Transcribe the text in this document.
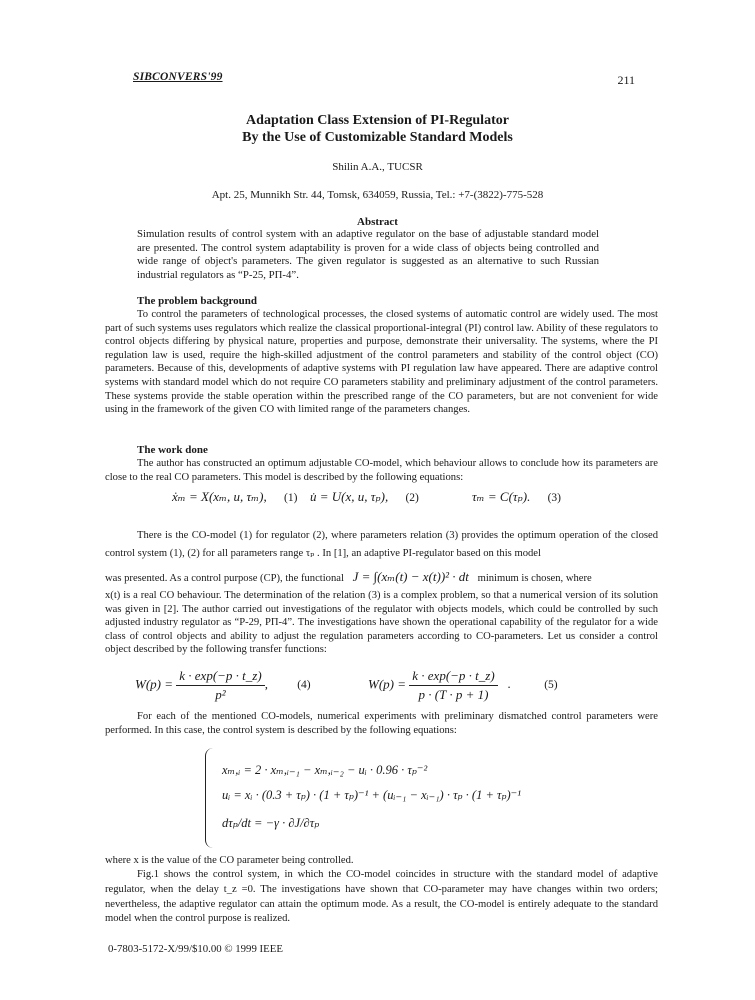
SIBCONVERS'99	211
Adaptation Class Extension of PI-Regulator
By the Use of Customizable Standard Models
Shilin A.A., TUCSR
Apt. 25, Munnikh Str. 44, Tomsk, 634059, Russia, Tel.: +7-(3822)-775-528
Abstract
Simulation results of control system with an adaptive regulator on the base of adjustable standard model are presented. The control system adaptability is proven for a wide class of objects being controlled and wide range of object's parameters. The given regulator is suggested as an alternative to such Russian industrial regulators as “P-25, PП-4”.
The problem background
To control the parameters of technological processes, the closed systems of automatic control are widely used. The most part of such systems uses regulators which realize the classical proportional-integral (PI) control law. Ability of these regulators to control objects differing by physical nature, properties and purpose, demonstrate their universality. The systems, where the PI regulation law is used, require the high-skilled adjustment of the control parameters and stability of the control object (CO) parameters. Because of this, developments of adaptive systems with PI regulation law have appeared. There are adaptive control systems with standard model which do not require CO parameters stability and preliminary adjustment of the control parameters. These systems provide the stable operation within the prescribed range of the CO parameters, but are not convenient for wide using in the framework of the given CO with limited range of the parameters changes.
The work done
The author has constructed an optimum adjustable CO-model, which behaviour allows to conclude how its parameters are close to the real CO parameters. This model is described by the following equations:
ẋₘ = X(xₘ, u, τₘ), (1) u̇ = U(x, u, τₚ), (2)	τₘ = C(τₚ). (3)
There is the CO-model (1) for regulator (2), where parameters relation (3) provides the optimum operation of the closed control system (1), (2) for all parameters range τₚ . In [1], an adaptive PI-regulator based on this model
was presented. As a control purpose (CP), the functional J = ∫(xₘ(t) − x(t))² · dt minimum is chosen, where
x(t) is a real CO behaviour. The determination of the relation (3) is a complex problem, so that a numerical version of its solution was given in [2]. The author carried out investigations of the regulator with objects models, which could be controlled by such adjusted industry regulator as “P-29, PП-4”. The investigations have shown the operational capability of the regulator for a wide class of control objects and ability to adjust the regulation parameters according to CO-parameters. Let us consider a control object described by the following transfer functions:
$W(p) = \frac{k \cdot \exp(-p \cdot t\_z)}{\text{p²}}$ ,	(4)	$W(p) = \frac{k \cdot \exp(-p \cdot t\_z)}{p \cdot (T \cdot p + 1)}$ .	(5)
For each of the mentioned CO-models, numerical experiments with preliminary dismatched control parameters were performed. In this case, the control system is described by the following equations:
xₘ,ᵢ = 2 · xₘ,ᵢ₋₁ − xₘ,ᵢ₋₂ − uᵢ · 0.96 · τₚ⁻²
uᵢ = xᵢ · (0.3 + τₚ) · (1 + τₚ)⁻¹ + (uᵢ₋₁ − xᵢ₋₁) · τₚ · (1 + τₚ)⁻¹
dτₚ/dt = −γ · ∂J/∂τₚ
where x is the value of the CO parameter being controlled.
Fig.1 shows the control system, in which the CO-model coincides in structure with the standard model of adaptive regulator, when the delay t_z =0. The investigations have shown that CO-parameter may have changes within two orders; nevertheless, the adaptive regulator can attain the optimum mode. As a result, the CO-model is entirely adequate to the standard model when the control purpose is realized.
0-7803-5172-X/99/$10.00 © 1999 IEEE
